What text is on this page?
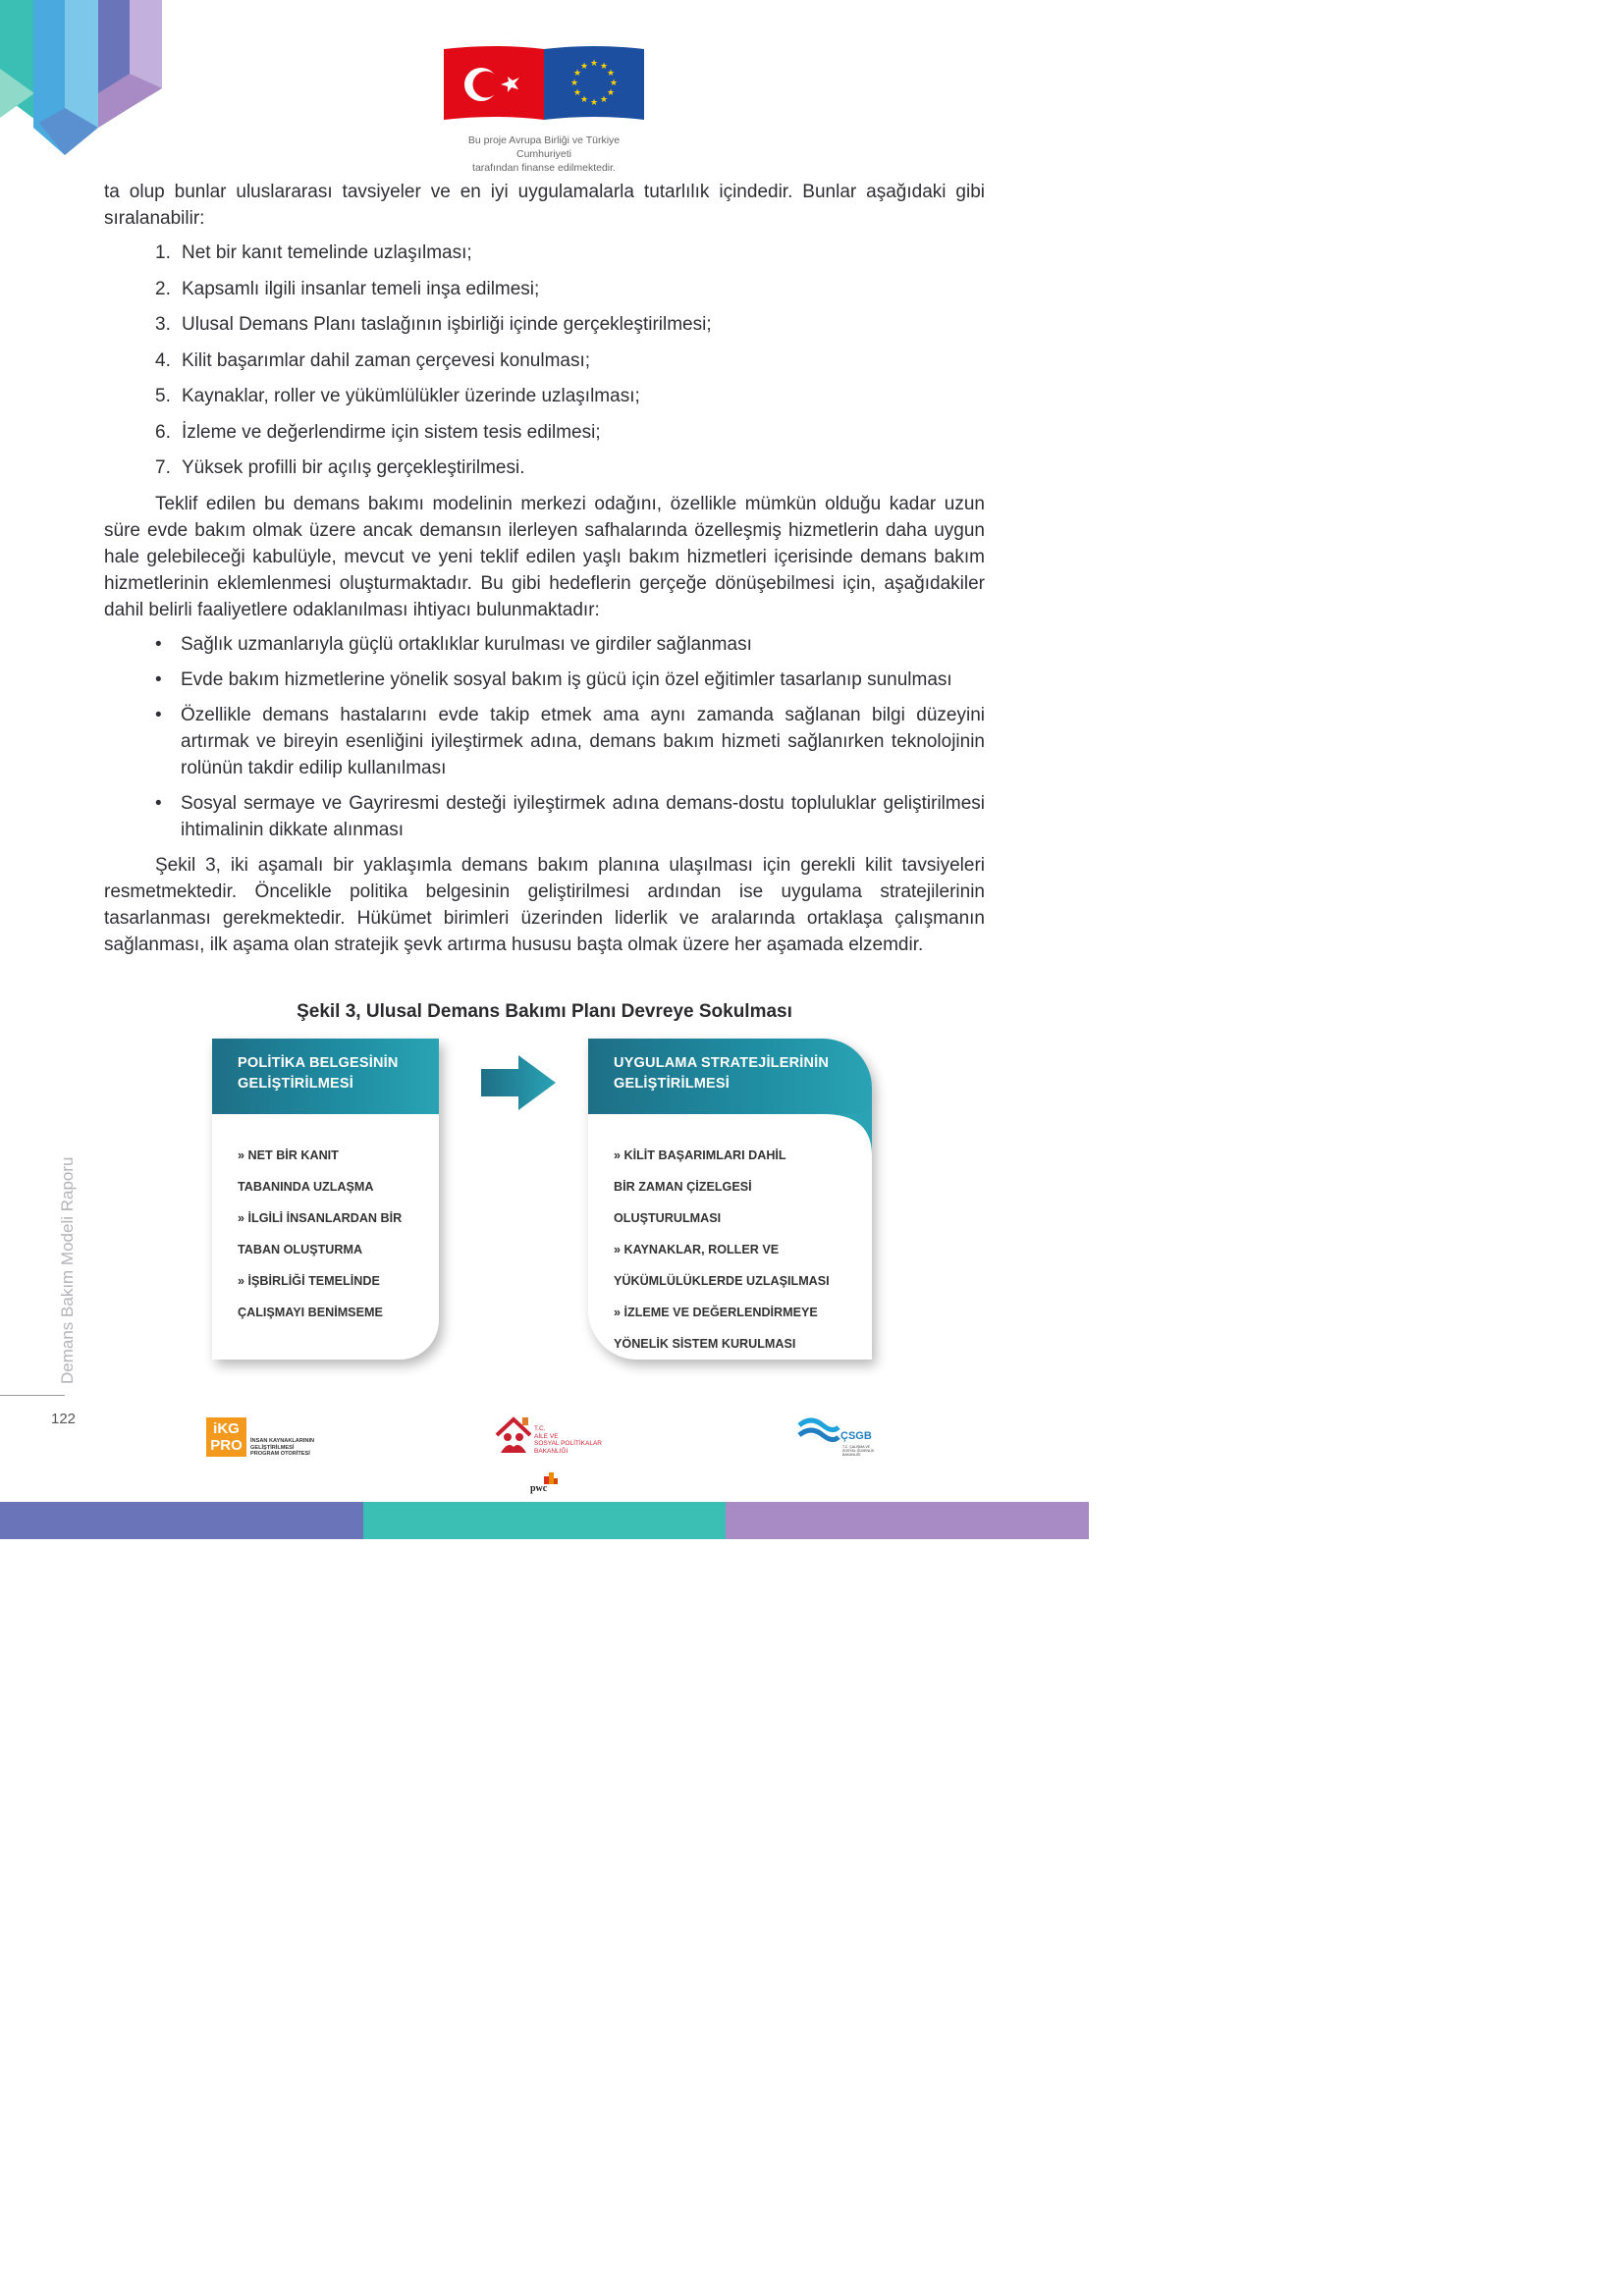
★ ★
★
★
★
★
★
★
★
★
★
★
Bu proje Avrupa Birliği ve Türkiye Cumhuriyeti
tarafından finanse edilmektedir.

ta olup bunlar uluslararası tavsiyeler ve en iyi uygulamalarla tutarlılık içindedir. Bunlar aşağıdaki gibi sıralanabilir:

1. Net bir kanıt temelinde uzlaşılması;
2. Kapsamlı ilgili insanlar temeli inşa edilmesi;
3. Ulusal Demans Planı taslağının işbirliği içinde gerçekleştirilmesi;
4. Kilit başarımlar dahil zaman çerçevesi konulması;
5. Kaynaklar, roller ve yükümlülükler üzerinde uzlaşılması;
6. İzleme ve değerlendirme için sistem tesis edilmesi;
7. Yüksek profilli bir açılış gerçekleştirilmesi.

Teklif edilen bu demans bakımı modelinin merkezi odağını, özellikle mümkün olduğu kadar uzun süre evde bakım olmak üzere ancak demansın ilerleyen safhalarında özelleşmiş hizmetlerin daha uygun hale gelebileceği kabulüyle, mevcut ve yeni teklif edilen yaşlı bakım hizmetleri içerisinde demans bakım hizmetlerinin eklemlenmesi oluşturmaktadır. Bu gibi hedeflerin gerçeğe dönüşebilmesi için, aşağıdakiler dahil belirli faaliyetlere odaklanılması ihtiyacı bulunmaktadır:

• Sağlık uzmanlarıyla güçlü ortaklıklar kurulması ve girdiler sağlanması
• Evde bakım hizmetlerine yönelik sosyal bakım iş gücü için özel eğitimler tasarlanıp sunulması
• Özellikle demans hastalarını evde takip etmek ama aynı zamanda sağlanan bilgi düzeyini artırmak ve bireyin esenliğini iyileştirmek adına, demans bakım hizmeti sağlanırken teknolojinin rolünün takdir edilip kullanılması
• Sosyal sermaye ve Gayriresmi desteği iyileştirmek adına demans-dostu topluluklar geliştirilmesi ihtimalinin dikkate alınması

Şekil 3, iki aşamalı bir yaklaşımla demans bakım planına ulaşılması için gerekli kilit tavsiyeleri resmetmektedir. Öncelikle politika belgesinin geliştirilmesi ardından ise uygulama stratejilerinin tasarlanması gerekmektedir. Hükümet birimleri üzerinden liderlik ve aralarında ortaklaşa çalışmanın sağlanması, ilk aşama olan stratejik şevk artırma hususu başta olmak üzere her aşamada elzemdir.

Şekil 3, Ulusal Demans Bakımı Planı Devreye Sokulması
POLİTİKA BELGESİNİN
GELİŞTİRİLMESİ
» NET BİR KANIT
TABANINDA UZLAŞMA
» İLGİLİ İNSANLARDAN BİR
TABAN OLUŞTURMA
» İŞBİRLİĞİ TEMELİNDE
ÇALIŞMAYI BENİMSEME
UYGULAMA STRATEJİLERİNİN
GELİŞTİRİLMESİ
» KİLİT BAŞARIMLARI DAHİL
BİR ZAMAN ÇİZELGESİ
OLUŞTURULMASI
» KAYNAKLAR, ROLLER VE
YÜKÜMLÜLÜKLERDE UZLAŞILMASI
» İZLEME VE DEĞERLENDİRMEYE
YÖNELİK SİSTEM KURULMASI
Demans Bakım Modeli Raporu
122
iKG
PRO	İNSAN KAYNAKLARININ
GELİŞTİRİLMESİ
PROGRAM OTORİTESİ
T.C.
AİLE VE
SOSYAL POLİTİKALAR
BAKANLIĞI
pwc
ÇSGB
T.C. ÇALIŞMA VE
SOSYAL GÜVENLİK
BAKANLIĞI
